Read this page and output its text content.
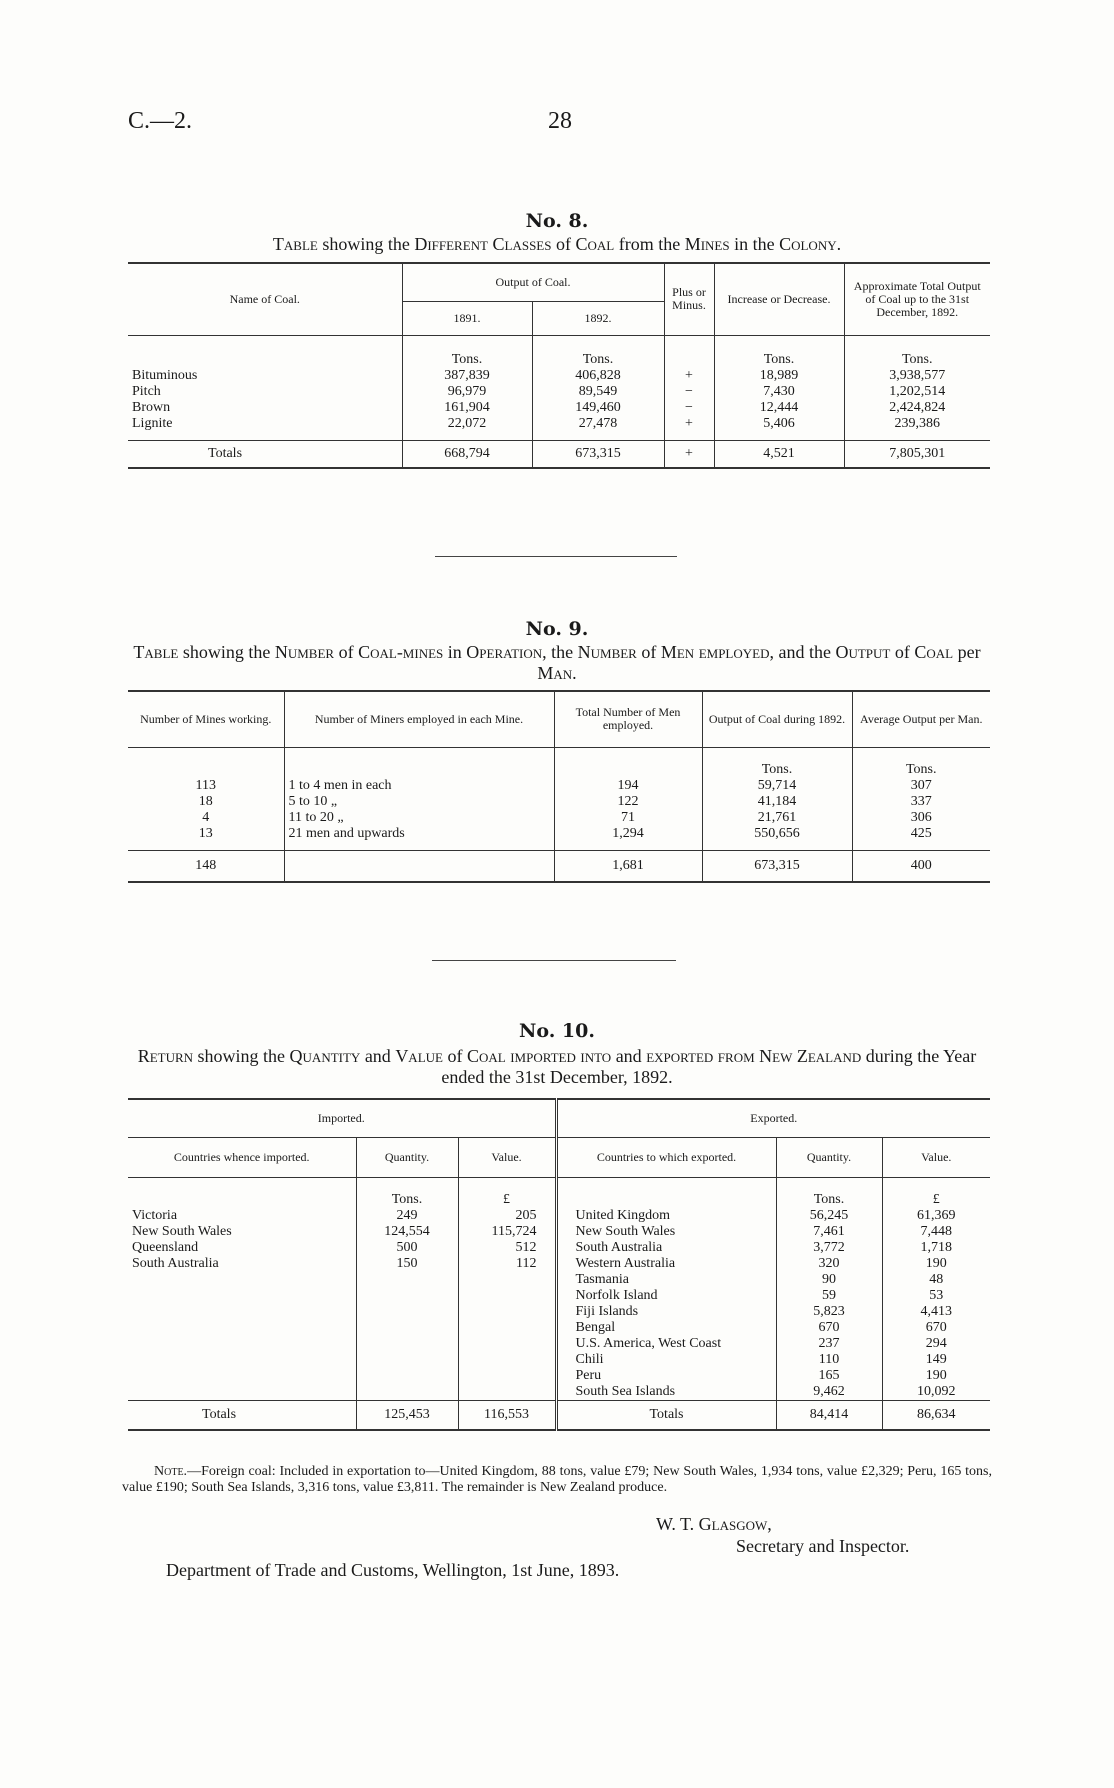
C.—2.	28
No. 8.
Table showing the Different Classes of Coal from the Mines in the Colony.
Name of Coal.	Output of Coal.		Plus or Minus.	Increase or Decrease.	Approximate Total Output of Coal up to the 31st December, 1892.
	1891.	1892.			
	Tons.	Tons.		Tons.	Tons.
Bituminous	387,839	406,828	+	18,989	3,938,577
Pitch	96,979	89,549	−	7,430	1,202,514
Brown	161,904	149,460	−	12,444	2,424,824
Lignite	22,072	27,478	+	5,406	239,386
Totals	668,794	673,315	+	4,521	7,805,301
No. 9.
Table showing the Number of Coal-mines in Operation, the Number of Men employed, and the Output of Coal per Man.
Number of Mines working.	Number of Miners employed in each Mine.	Total Number of Men employed.	Output of Coal during 1892.	Average Output per Man.
			Tons.	Tons.
113	1 to 4 men in each	194	59,714	307
18	5 to 10 „	122	41,184	337
4	11 to 20 „	71	21,761	306
13	21 men and upwards	1,294	550,656	425
148		1,681	673,315	400
No. 10.
Return showing the Quantity and Value of Coal imported into and exported from New Zealand during the Year ended the 31st December, 1892.
Imported.			Exported.		
Countries whence imported.	Quantity.	Value.	Countries to which exported.	Quantity.	Value.
	Tons.	£		Tons.	£
Victoria	249	205	United Kingdom	56,245	61,369
New South Wales	124,554	115,724	New South Wales	7,461	7,448
Queensland	500	512	South Australia	3,772	1,718
South Australia	150	112	Western Australia	320	190
			Tasmania	90	48
			Norfolk Island	59	53
			Fiji Islands	5,823	4,413
			Bengal	670	670
			U.S. America, West Coast	237	294
			Chili	110	149
			Peru	165	190
			South Sea Islands	9,462	10,092
Totals	125,453	116,553	Totals	84,414	86,634
Note.—Foreign coal: Included in exportation to—United Kingdom, 88 tons, value £79; New South Wales, 1,934 tons, value £2,329; Peru, 165 tons, value £190; South Sea Islands, 3,316 tons, value £3,811. The remainder is New Zealand produce.
W. T. Glasgow,
Secretary and Inspector.
Department of Trade and Customs, Wellington, 1st June, 1893.
